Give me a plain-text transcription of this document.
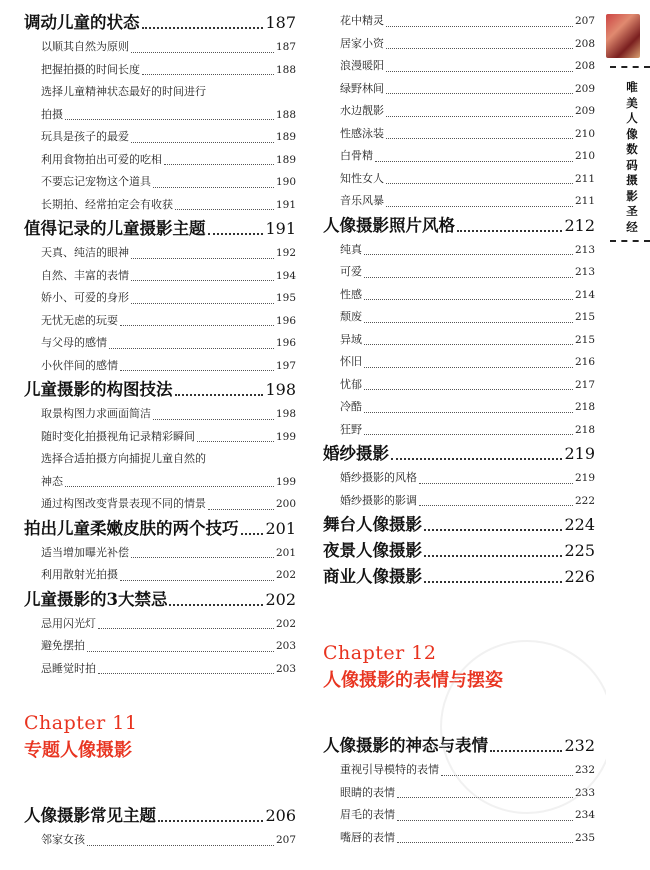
调动儿童的状态	187
以顺其自然为原则	187
把握拍摄的时间长度	188
选择儿童精神状态最好的时间进行
拍摄	188
玩具是孩子的最爱	189
利用食物拍出可爱的吃相	189
不要忘记宠物这个道具	190
长期拍、经常拍定会有收获	191
值得记录的儿童摄影主题	191
天真、纯洁的眼神	192
自然、丰富的表情	194
娇小、可爱的身形	195
无忧无虑的玩耍	196
与父母的感情	196
小伙伴间的感情	197
儿童摄影的构图技法	198
取景构图力求画面简洁	198
随时变化拍摄视角记录精彩瞬间	199
选择合适拍摄方向捕捉儿童自然的
神态	199
通过构图改变背景表现不同的情景	200
拍出儿童柔嫩皮肤的两个技巧 201
适当增加曝光补偿	201
利用散射光拍摄	202
儿童摄影的3大禁忌	202
忌用闪光灯	202
避免摆拍	203
忌睡觉时拍	203
Chapter 11
专题人像摄影
人像摄影常见主题	206
邻家女孩	207
花中精灵	207
居家小资	208
浪漫暖阳	208
绿野林间	209
水边靓影	209
性感泳装	210
白骨精	210
知性女人	211
音乐风暴	211
人像摄影照片风格	212
纯真	213
可爱	213
性感	214
颓废	215
异域	215
怀旧	216
忧郁	217
冷酷	218
狂野	218
婚纱摄影	219
婚纱摄影的风格	219
婚纱摄影的影调	222
舞台人像摄影	224
夜景人像摄影	225
商业人像摄影	226
Chapter 12
人像摄影的表情与摆姿
人像摄影的神态与表情	232
重视引导模特的表情	232
眼睛的表情	233
眉毛的表情	234
嘴唇的表情	235
唯
美
人
像
数
码
摄
影
圣
经
